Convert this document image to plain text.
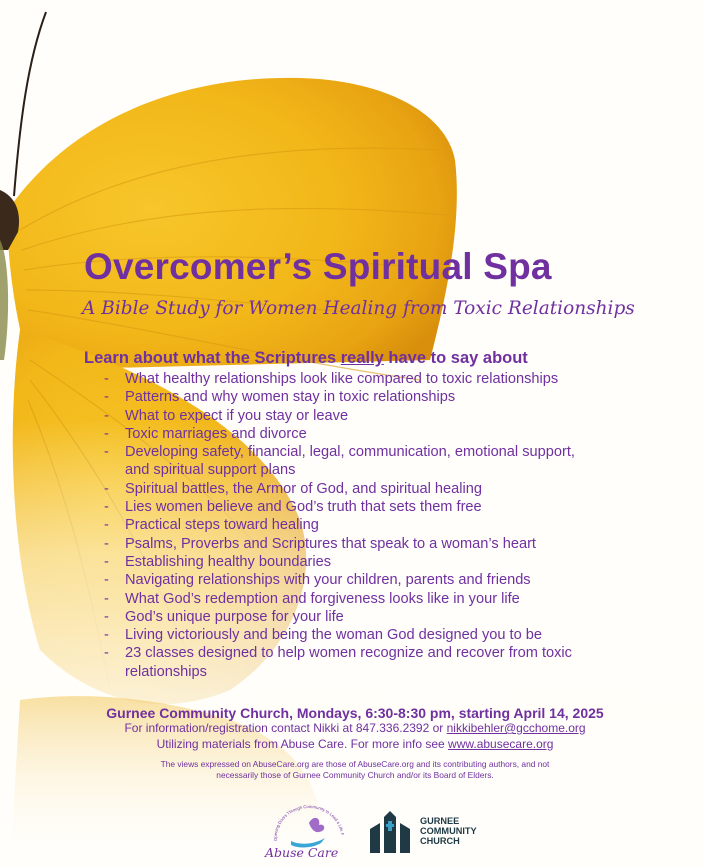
Overcomer’s Spiritual Spa
A Bible Study for Women Healing from Toxic Relationships
Learn about what the Scriptures really have to say about
- What healthy relationships look like compared to toxic relationships
- Patterns and why women stay in toxic relationships
- What to expect if you stay or leave
- Toxic marriages and divorce
- Developing safety, financial, legal, communication, emotional support, and spiritual support plans
- Spiritual battles, the Armor of God, and spiritual healing
- Lies women believe and God’s truth that sets them free
- Practical steps toward healing
- Psalms, Proverbs and Scriptures that speak to a woman’s heart
- Establishing healthy boundaries
- Navigating relationships with your children, parents and friends
- What God’s redemption and forgiveness looks like in your life
- God’s unique purpose for your life
- Living victoriously and being the woman God designed you to be
- 23 classes designed to help women recognize and recover from toxic relationships
Gurnee Community Church, Mondays, 6:30-8:30 pm, starting April 14, 2025
For information/registration contact Nikki at 847.336.2392 or nikkibehler@gcchome.org
Utilizing materials from Abuse Care. For more info see www.abusecare.org
The views expressed on AbuseCare.org are those of AbuseCare.org and its contributing authors, and not
necessarily those of Gurnee Community Church and/or its Board of Elders.
Opening Doors Through Community to Lead a Life F
Abuse Care
GURNEE
COMMUNITY
CHURCH
